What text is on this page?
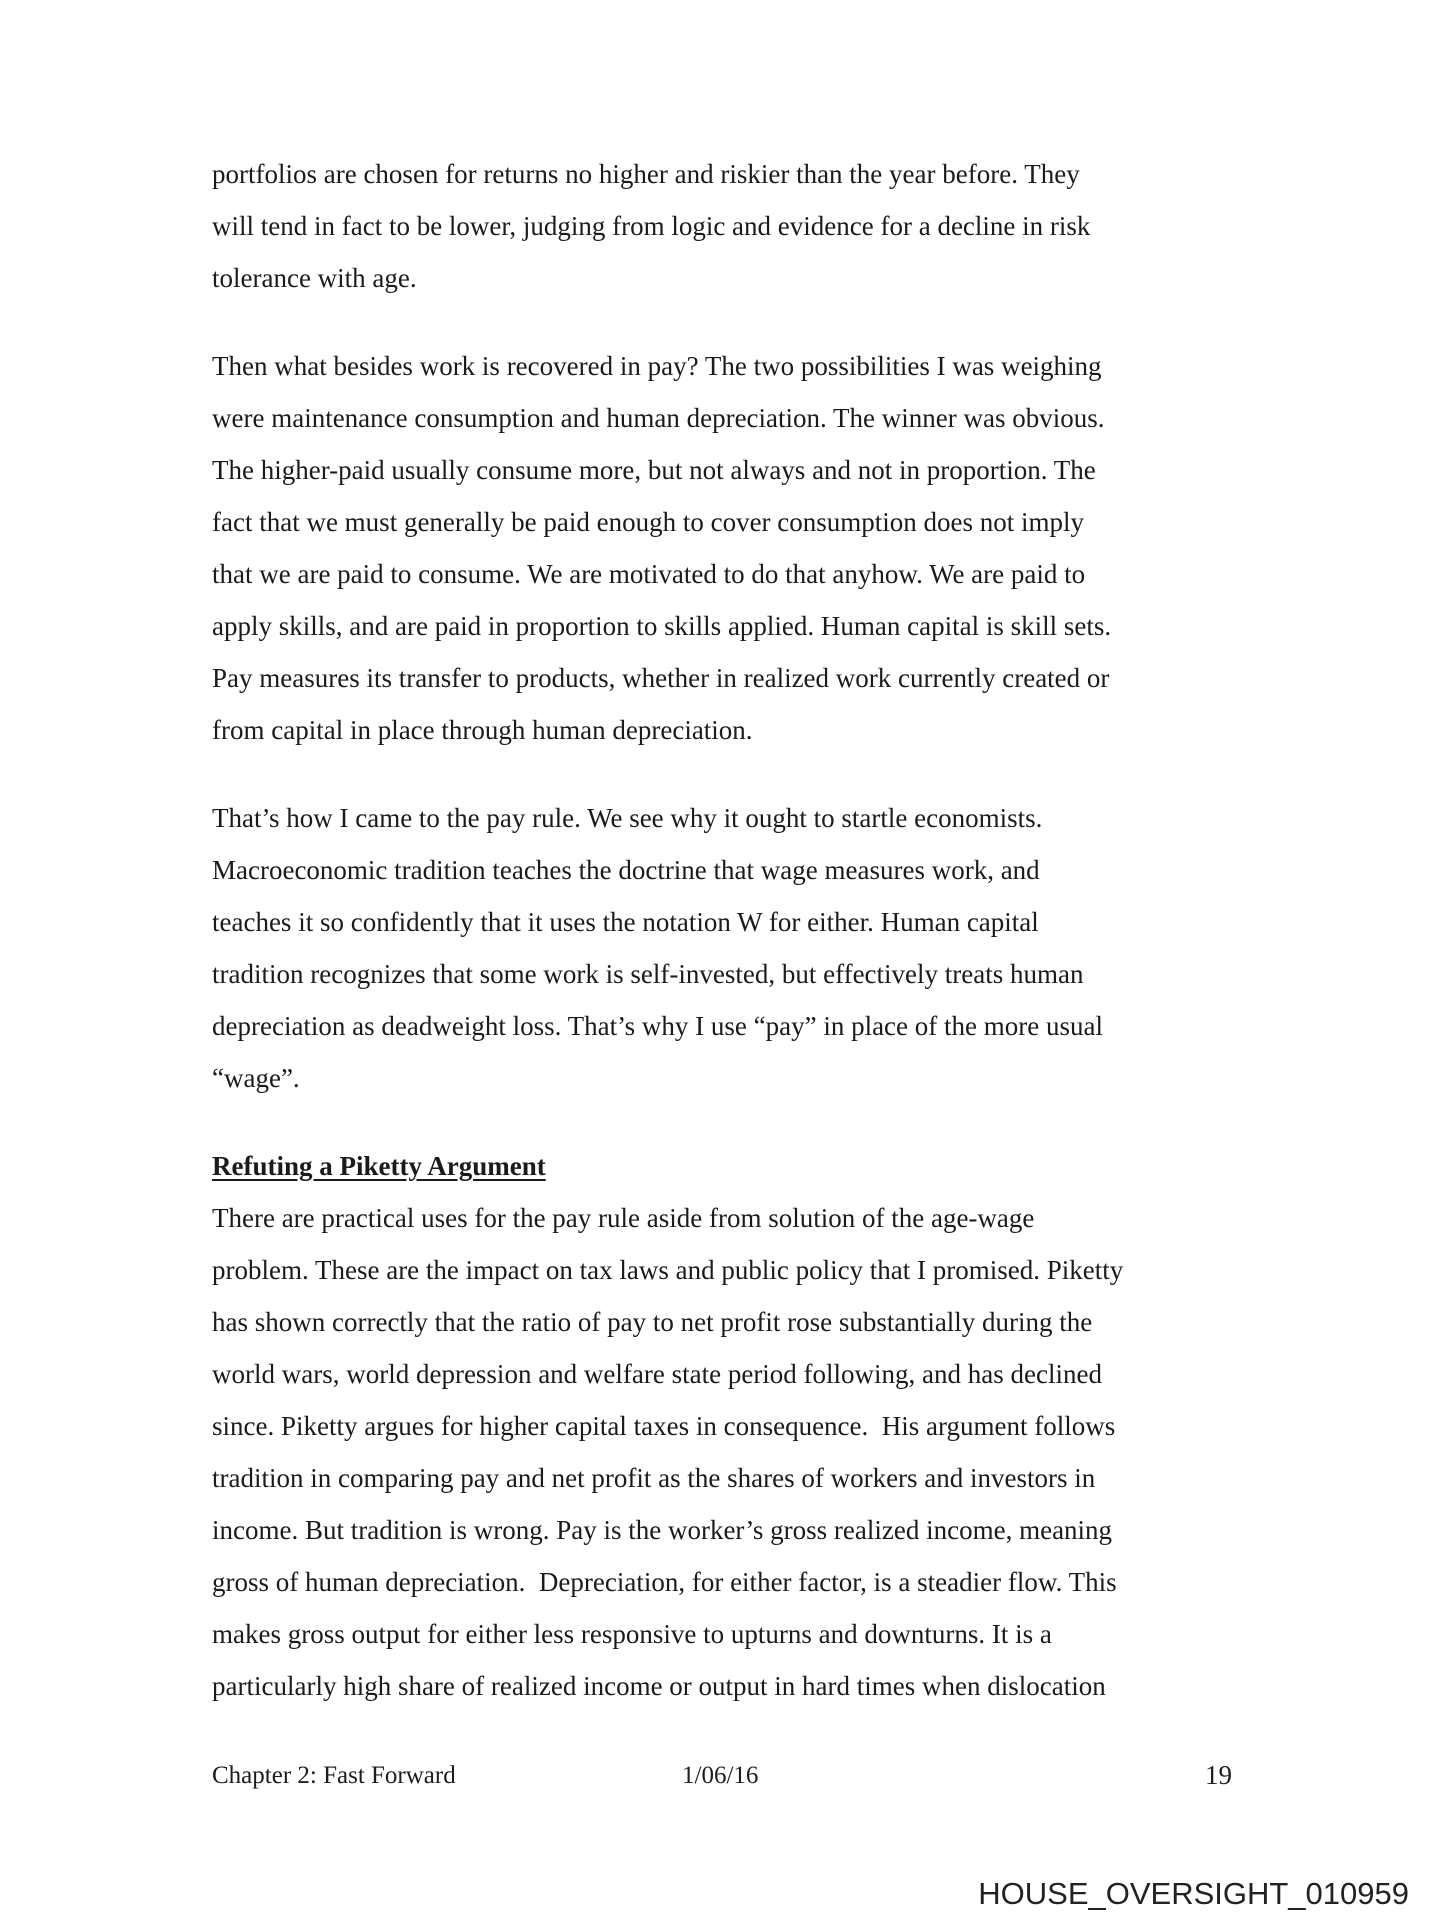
portfolios are chosen for returns no higher and riskier than the year before. They
will tend in fact to be lower, judging from logic and evidence for a decline in risk
tolerance with age.
Then what besides work is recovered in pay? The two possibilities I was weighing
were maintenance consumption and human depreciation. The winner was obvious.
The higher-paid usually consume more, but not always and not in proportion. The
fact that we must generally be paid enough to cover consumption does not imply
that we are paid to consume. We are motivated to do that anyhow. We are paid to
apply skills, and are paid in proportion to skills applied. Human capital is skill sets.
Pay measures its transfer to products, whether in realized work currently created or
from capital in place through human depreciation.
That’s how I came to the pay rule. We see why it ought to startle economists.
Macroeconomic tradition teaches the doctrine that wage measures work, and
teaches it so confidently that it uses the notation W for either. Human capital
tradition recognizes that some work is self-invested, but effectively treats human
depreciation as deadweight loss. That’s why I use “pay” in place of the more usual
“wage”.
Refuting a Piketty Argument
There are practical uses for the pay rule aside from solution of the age-wage
problem. These are the impact on tax laws and public policy that I promised. Piketty
has shown correctly that the ratio of pay to net profit rose substantially during the
world wars, world depression and welfare state period following, and has declined
since. Piketty argues for higher capital taxes in consequence.  His argument follows
tradition in comparing pay and net profit as the shares of workers and investors in
income. But tradition is wrong. Pay is the worker’s gross realized income, meaning
gross of human depreciation.  Depreciation, for either factor, is a steadier flow. This
makes gross output for either less responsive to upturns and downturns. It is a
particularly high share of realized income or output in hard times when dislocation
Chapter 2: Fast Forward	1/06/16	19
HOUSE_OVERSIGHT_010959
